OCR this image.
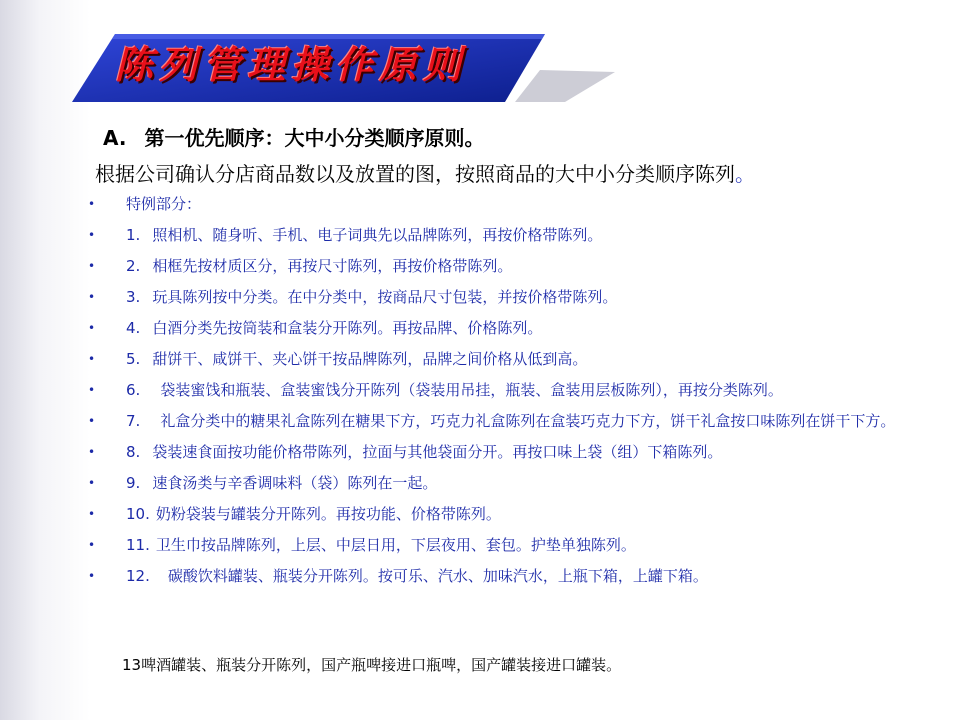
陈列管理操作原则
A. 第一优先顺序：大中小分类顺序原则。
根据公司确认分店商品数以及放置的图，按照商品的大中小分类顺序陈列。
•	特例部分：
•	1. 照相机、随身听、手机、电子词典先以品牌陈列，再按价格带陈列。
•	2. 相框先按材质区分，再按尺寸陈列，再按价格带陈列。
•	3. 玩具陈列按中分类。在中分类中，按商品尺寸包装，并按价格带陈列。
•	4. 白酒分类先按筒装和盒装分开陈列。再按品牌、价格陈列。
•	5. 甜饼干、咸饼干、夹心饼干按品牌陈列，品牌之间价格从低到高。
•	6. 袋装蜜饯和瓶装、盒装蜜饯分开陈列（袋装用吊挂，瓶装、盒装用层板陈列），再按分类陈列。
•	7. 礼盒分类中的糖果礼盒陈列在糖果下方，巧克力礼盒陈列在盒装巧克力下方，饼干礼盒按口味陈列在饼干下方。
•	8. 袋装速食面按功能价格带陈列，拉面与其他袋面分开。再按口味上袋（组）下箱陈列。
•	9. 速食汤类与辛香调味料（袋）陈列在一起。
•	10. 奶粉袋装与罐装分开陈列。再按功能、价格带陈列。
•	11. 卫生巾按品牌陈列，上层、中层日用，下层夜用、套包。护垫单独陈列。
•	12. 碳酸饮料罐装、瓶装分开陈列。按可乐、汽水、加味汽水，上瓶下箱，上罐下箱。
13啤酒罐装、瓶装分开陈列，国产瓶啤接进口瓶啤，国产罐装接进口罐装。
